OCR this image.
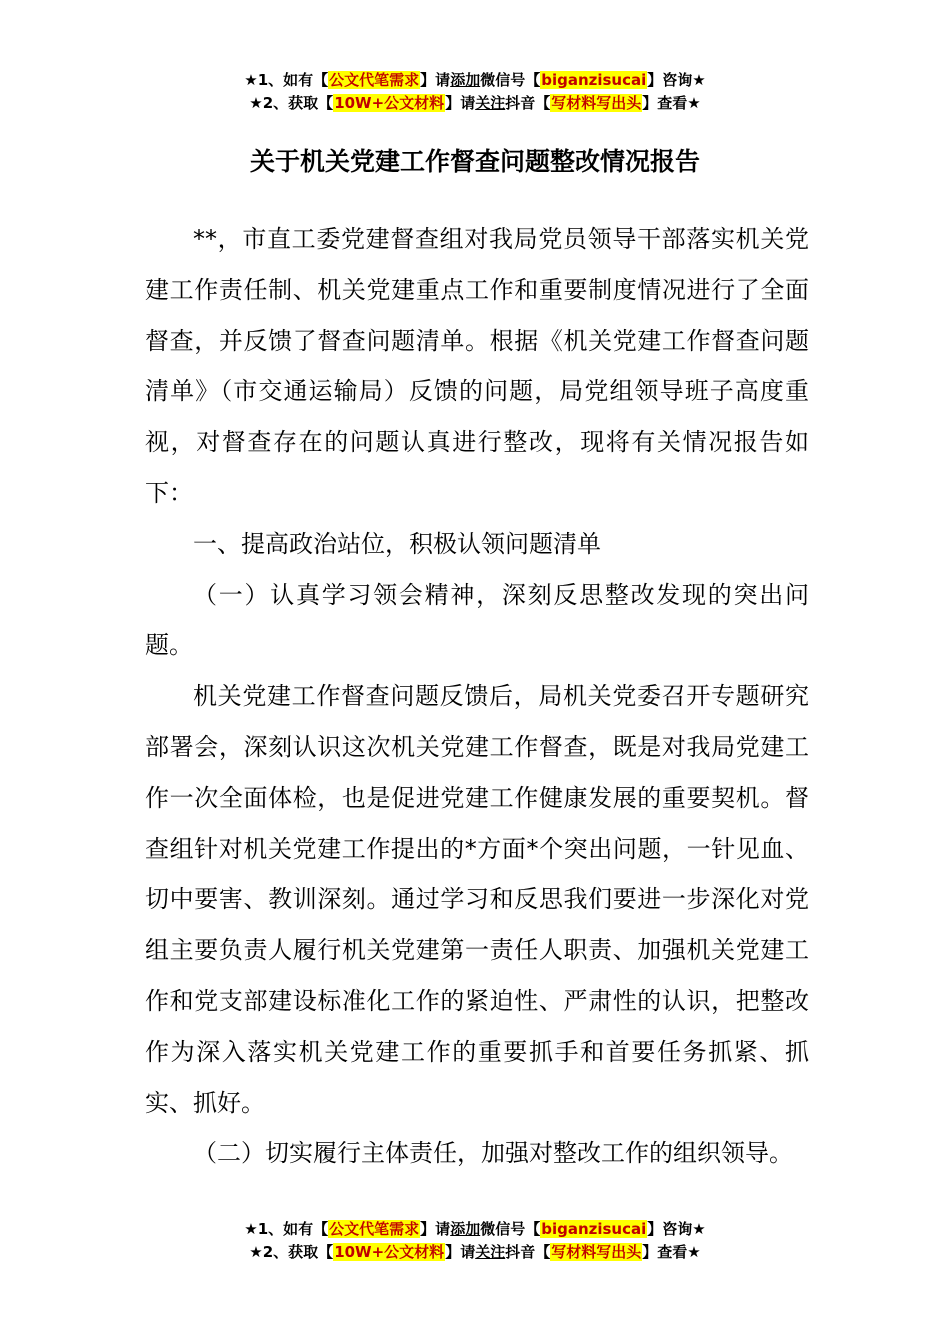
★1、如有【公文代笔需求】请添加微信号【biganzisucai】咨询★
★2、获取【10W+公文材料】请关注抖音【写材料写出头】查看★
关于机关党建工作督查问题整改情况报告

**，市直工委党建督查组对我局党员领导干部落实机关党建工作责任制、机关党建重点工作和重要制度情况进行了全面督查，并反馈了督查问题清单。根据《机关党建工作督查问题清单》（市交通运输局）反馈的问题，局党组领导班子高度重视，对督查存在的问题认真进行整改，现将有关情况报告如下：

一、提高政治站位，积极认领问题清单

（一）认真学习领会精神，深刻反思整改发现的突出问题。

机关党建工作督查问题反馈后，局机关党委召开专题研究部署会，深刻认识这次机关党建工作督查，既是对我局党建工作一次全面体检，也是促进党建工作健康发展的重要契机。督查组针对机关党建工作提出的*方面*个突出问题，一针见血、切中要害、教训深刻。通过学习和反思我们要进一步深化对党组主要负责人履行机关党建第一责任人职责、加强机关党建工作和党支部建设标准化工作的紧迫性、严肃性的认识，把整改作为深入落实机关党建工作的重要抓手和首要任务抓紧、抓实、抓好。

（二）切实履行主体责任，加强对整改工作的组织领导。

★1、如有【公文代笔需求】请添加微信号【biganzisucai】咨询★
★2、获取【10W+公文材料】请关注抖音【写材料写出头】查看★
